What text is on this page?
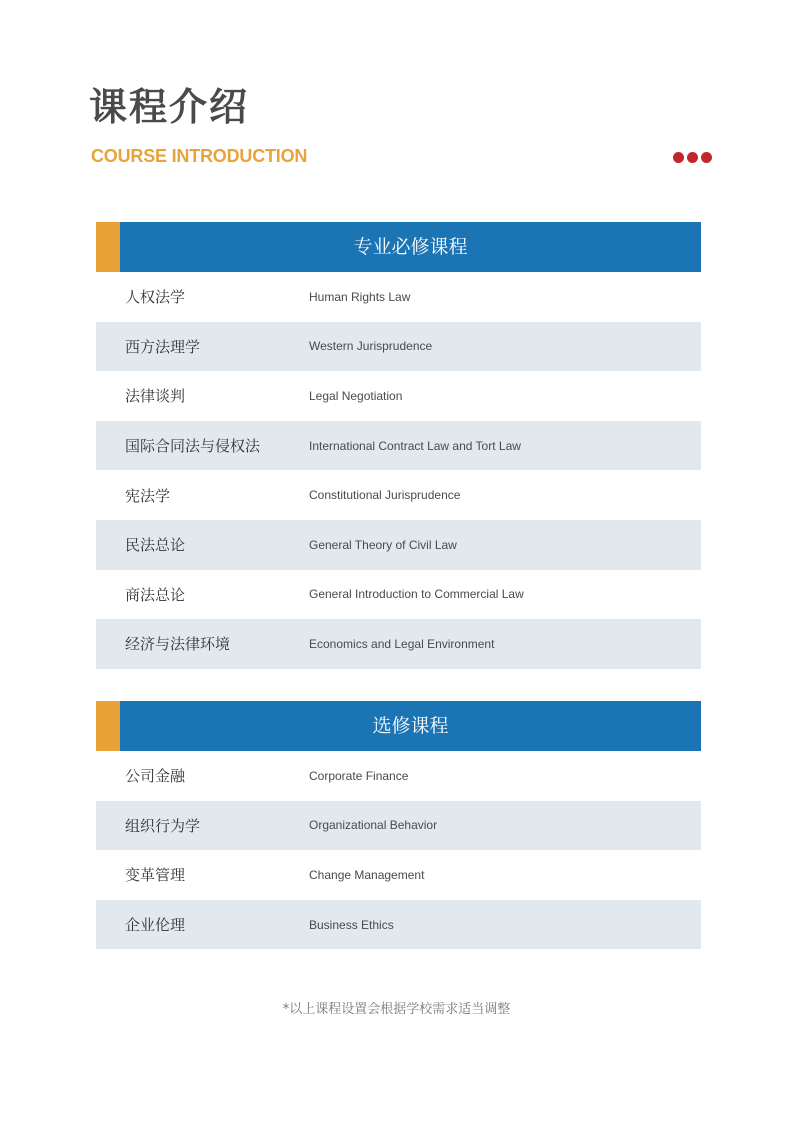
课程介绍
COURSE INTRODUCTION
专业必修课程
人权法学	Human Rights Law
西方法理学	Western Jurisprudence
法律谈判	Legal Negotiation
国际合同法与侵权法	International Contract Law and Tort Law
宪法学	Constitutional Jurisprudence
民法总论	General Theory of Civil Law
商法总论	General Introduction to Commercial Law
经济与法律环境	Economics and Legal Environment
选修课程
公司金融	Corporate Finance
组织行为学	Organizational Behavior
变革管理	Change Management
企业伦理	Business Ethics
*以上课程设置会根据学校需求适当调整
